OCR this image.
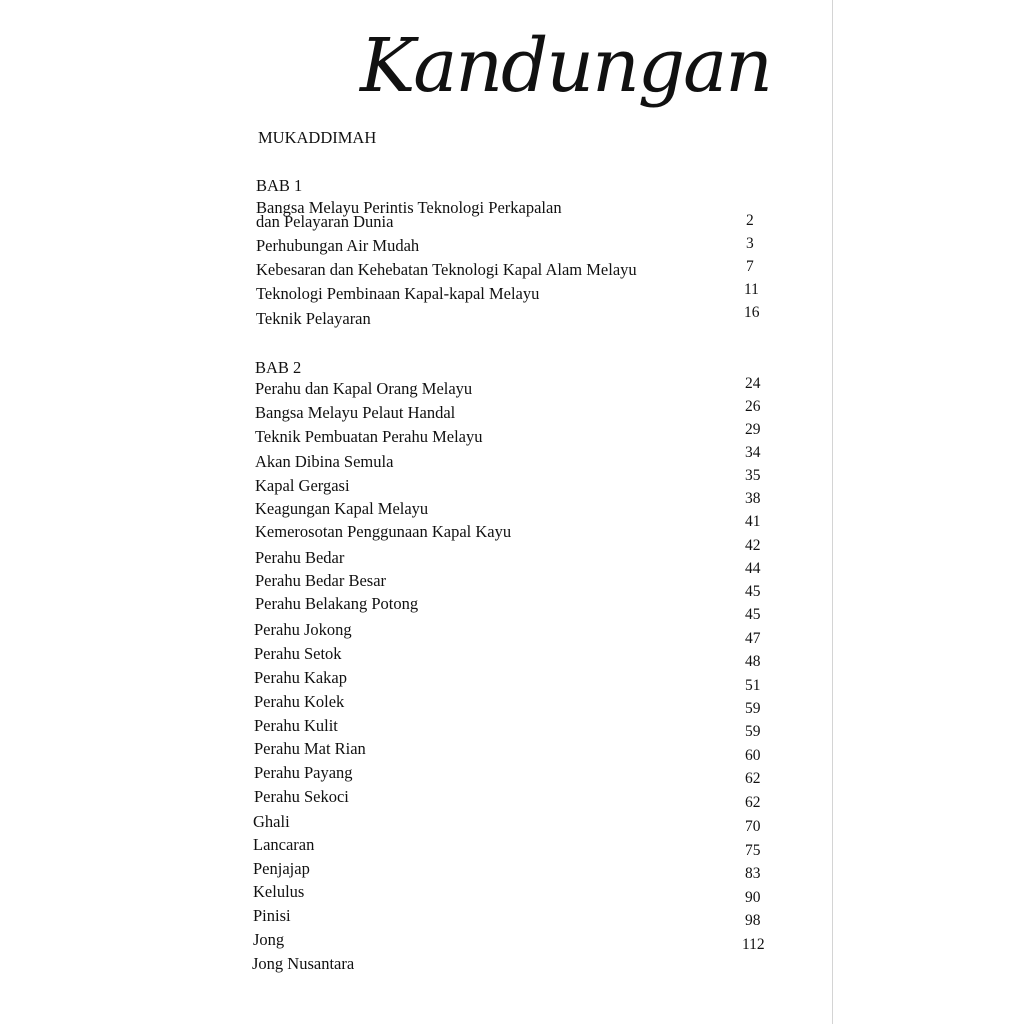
Kandungan
MUKADDIMAH
BAB 1
Bangsa Melayu Perintis Teknologi Perkapalan
dan Pelayaran Dunia
Perhubungan Air Mudah
Kebesaran dan Kehebatan Teknologi Kapal Alam Melayu
Teknologi Pembinaan Kapal-kapal Melayu
Teknik Pelayaran
2
3
7
11
16
BAB 2
Perahu dan Kapal Orang Melayu
Bangsa Melayu Pelaut Handal
Teknik Pembuatan Perahu Melayu
Akan Dibina Semula
Kapal Gergasi
Keagungan Kapal Melayu
Kemerosotan Penggunaan Kapal Kayu
Perahu Bedar
Perahu Bedar Besar
Perahu Belakang Potong
Perahu Jokong
Perahu Setok
Perahu Kakap
Perahu Kolek
Perahu Kulit
Perahu Mat Rian
Perahu Payang
Perahu Sekoci
Ghali
Lancaran
Penjajap
Kelulus
Pinisi
Jong
Jong Nusantara
24
26
29
34
35
38
41
42
44
45
45
47
48
51
59
59
60
62
62
70
75
83
90
98
112
